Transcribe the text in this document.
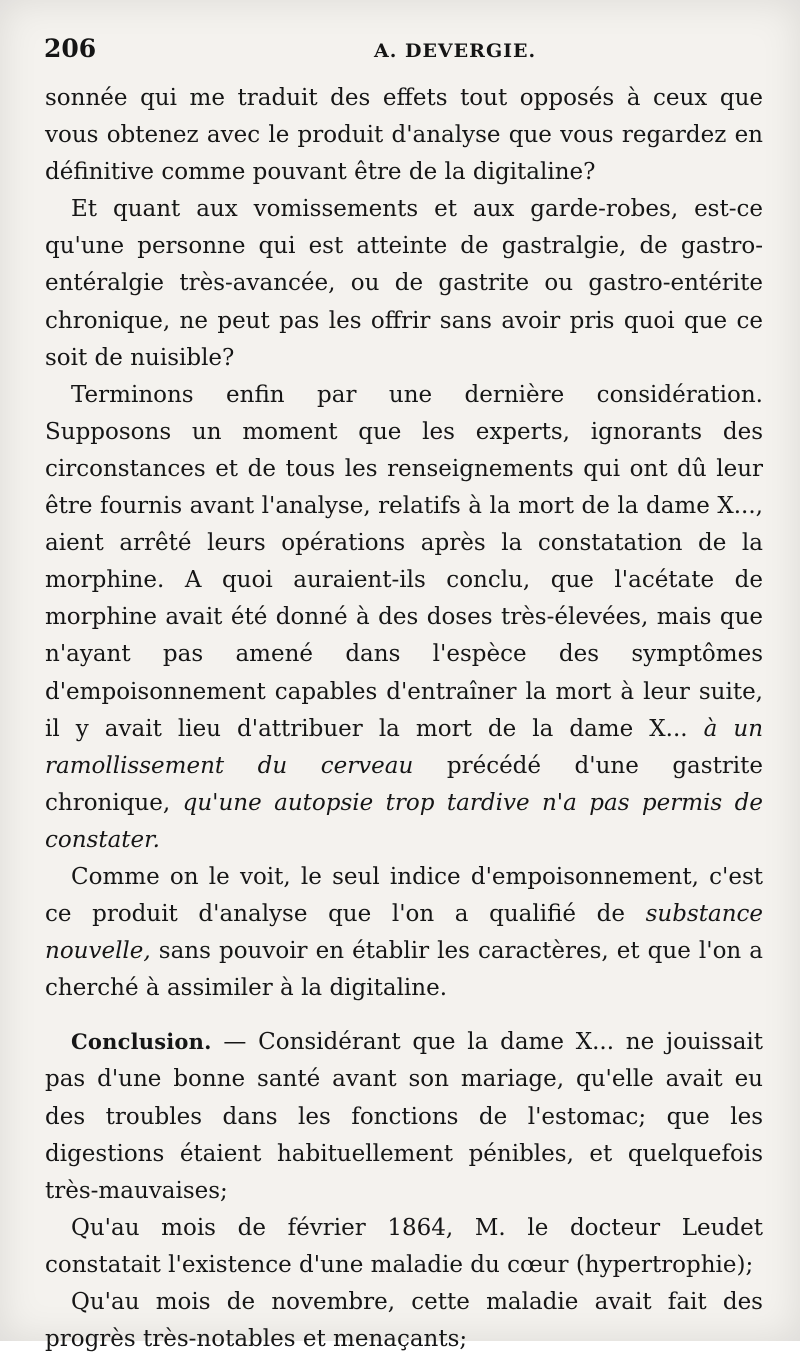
206	A. DEVERGIE.

sonnée qui me traduit des effets tout opposés à ceux que vous obtenez avec le produit d'analyse que vous regardez en définitive comme pouvant être de la digitaline?

Et quant aux vomissements et aux garde-robes, est-ce qu'une personne qui est atteinte de gastralgie, de gastro-entéralgie très-avancée, ou de gastrite ou gastro-entérite chronique, ne peut pas les offrir sans avoir pris quoi que ce soit de nuisible?

Terminons enfin par une dernière considération. Supposons un moment que les experts, ignorants des circonstances et de tous les renseignements qui ont dû leur être fournis avant l'analyse, relatifs à la mort de la dame X..., aient arrêté leurs opérations après la constatation de la morphine. A quoi auraient-ils conclu, que l'acétate de morphine avait été donné à des doses très-élevées, mais que n'ayant pas amené dans l'espèce des symptômes d'empoisonnement capables d'entraîner la mort à leur suite, il y avait lieu d'attribuer la mort de la dame X... à un ramollissement du cerveau précédé d'une gastrite chronique, qu'une autopsie trop tardive n'a pas permis de constater.

Comme on le voit, le seul indice d'empoisonnement, c'est ce produit d'analyse que l'on a qualifié de substance nouvelle, sans pouvoir en établir les caractères, et que l'on a cherché à assimiler à la digitaline.

Conclusion. — Considérant que la dame X... ne jouissait pas d'une bonne santé avant son mariage, qu'elle avait eu des troubles dans les fonctions de l'estomac; que les digestions étaient habituellement pénibles, et quelquefois très-mauvaises;

Qu'au mois de février 1864, M. le docteur Leudet constatait l'existence d'une maladie du cœur (hypertrophie);

Qu'au mois de novembre, cette maladie avait fait des progrès très-notables et menaçants;
